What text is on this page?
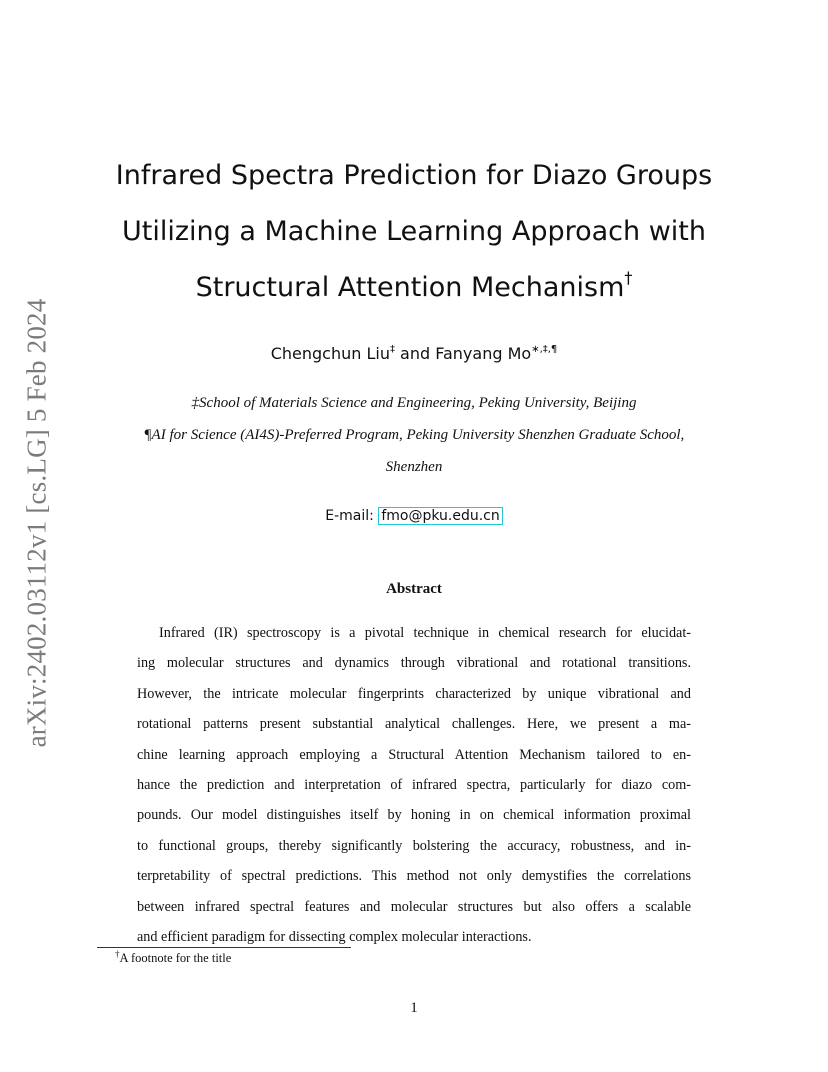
arXiv:2402.03112v1 [cs.LG] 5 Feb 2024
Infrared Spectra Prediction for Diazo Groups
Utilizing a Machine Learning Approach with
Structural Attention Mechanism†
Chengchun Liu‡ and Fanyang Mo∗,‡,¶
‡School of Materials Science and Engineering, Peking University, Beijing
¶AI for Science (AI4S)-Preferred Program, Peking University Shenzhen Graduate School,
Shenzhen
E-mail: fmo@pku.edu.cn
Abstract
Infrared (IR) spectroscopy is a pivotal technique in chemical research for elucidat-
ing molecular structures and dynamics through vibrational and rotational transitions.
However, the intricate molecular fingerprints characterized by unique vibrational and
rotational patterns present substantial analytical challenges. Here, we present a ma-
chine learning approach employing a Structural Attention Mechanism tailored to en-
hance the prediction and interpretation of infrared spectra, particularly for diazo com-
pounds. Our model distinguishes itself by honing in on chemical information proximal
to functional groups, thereby significantly bolstering the accuracy, robustness, and in-
terpretability of spectral predictions. This method not only demystifies the correlations
between infrared spectral features and molecular structures but also offers a scalable
and efficient paradigm for dissecting complex molecular interactions.
†A footnote for the title
1
